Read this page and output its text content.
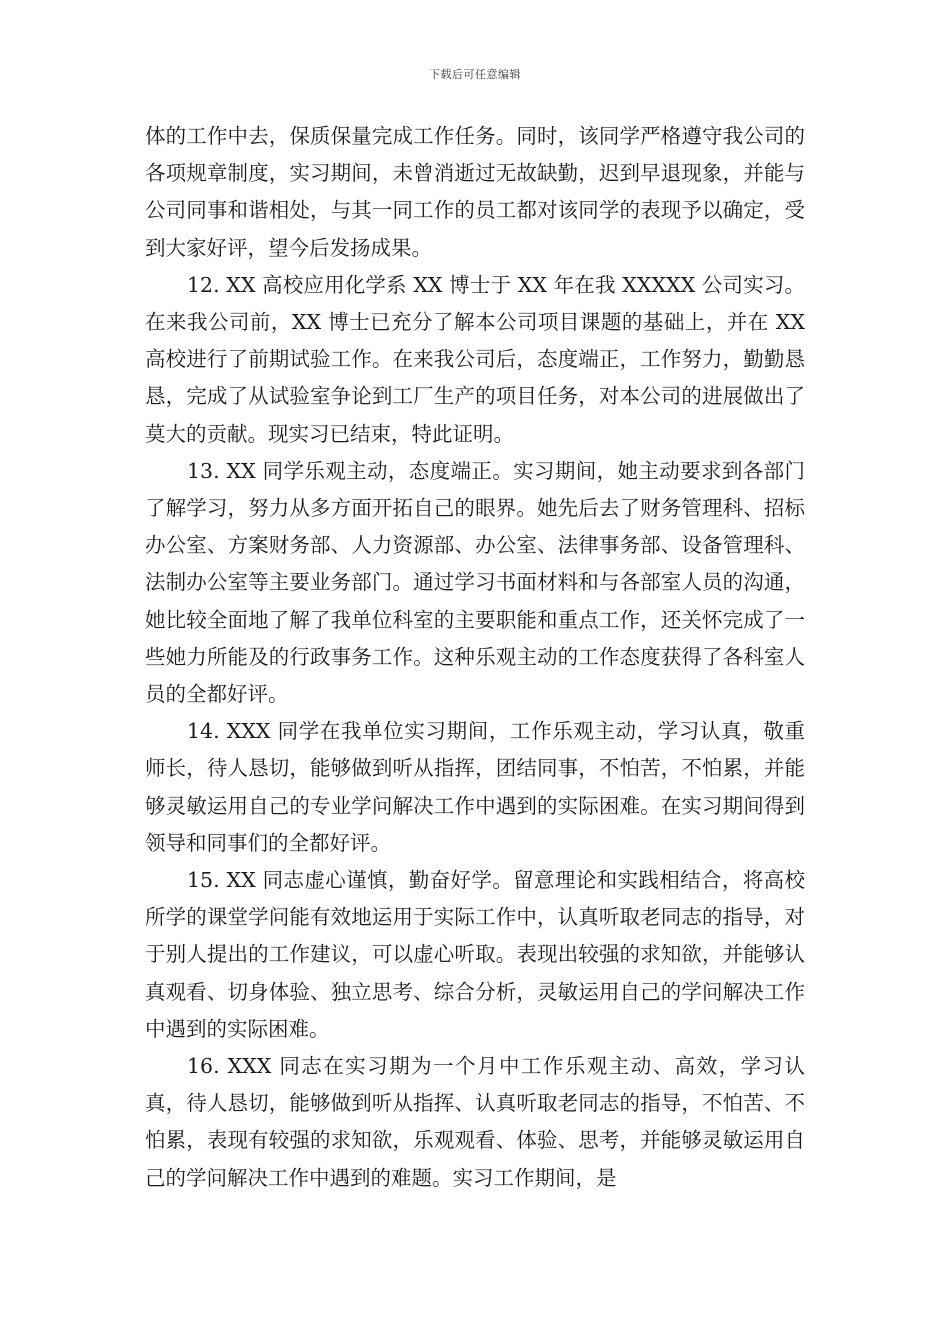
下载后可任意编辑

体的工作中去，保质保量完成工作任务。同时，该同学严格遵守我公司的各项规章制度，实习期间，未曾消逝过无故缺勤，迟到早退现象，并能与公司同事和谐相处，与其一同工作的员工都对该同学的表现予以确定，受到大家好评，望今后发扬成果。

12. XX 高校应用化学系 XX 博士于 XX 年在我 XXXXX 公司实习。在来我公司前，XX 博士已充分了解本公司项目课题的基础上，并在 XX 高校进行了前期试验工作。在来我公司后，态度端正，工作努力，勤勤恳恳，完成了从试验室争论到工厂生产的项目任务，对本公司的进展做出了莫大的贡献。现实习已结束，特此证明。

13. XX 同学乐观主动，态度端正。实习期间，她主动要求到各部门了解学习，努力从多方面开拓自己的眼界。她先后去了财务管理科、招标办公室、方案财务部、人力资源部、办公室、法律事务部、设备管理科、法制办公室等主要业务部门。通过学习书面材料和与各部室人员的沟通，她比较全面地了解了我单位科室的主要职能和重点工作，还关怀完成了一些她力所能及的行政事务工作。这种乐观主动的工作态度获得了各科室人员的全都好评。

14. XXX 同学在我单位实习期间，工作乐观主动，学习认真，敬重师长，待人恳切，能够做到听从指挥，团结同事，不怕苦，不怕累，并能够灵敏运用自己的专业学问解决工作中遇到的实际困难。在实习期间得到领导和同事们的全都好评。

15. XX 同志虚心谨慎，勤奋好学。留意理论和实践相结合，将高校所学的课堂学问能有效地运用于实际工作中，认真听取老同志的指导，对于别人提出的工作建议，可以虚心听取。表现出较强的求知欲，并能够认真观看、切身体验、独立思考、综合分析，灵敏运用自己的学问解决工作中遇到的实际困难。

16. XXX 同志在实习期为一个月中工作乐观主动、高效，学习认真，待人恳切，能够做到听从指挥、认真听取老同志的指导，不怕苦、不怕累，表现有较强的求知欲，乐观观看、体验、思考，并能够灵敏运用自己的学问解决工作中遇到的难题。实习工作期间，是
